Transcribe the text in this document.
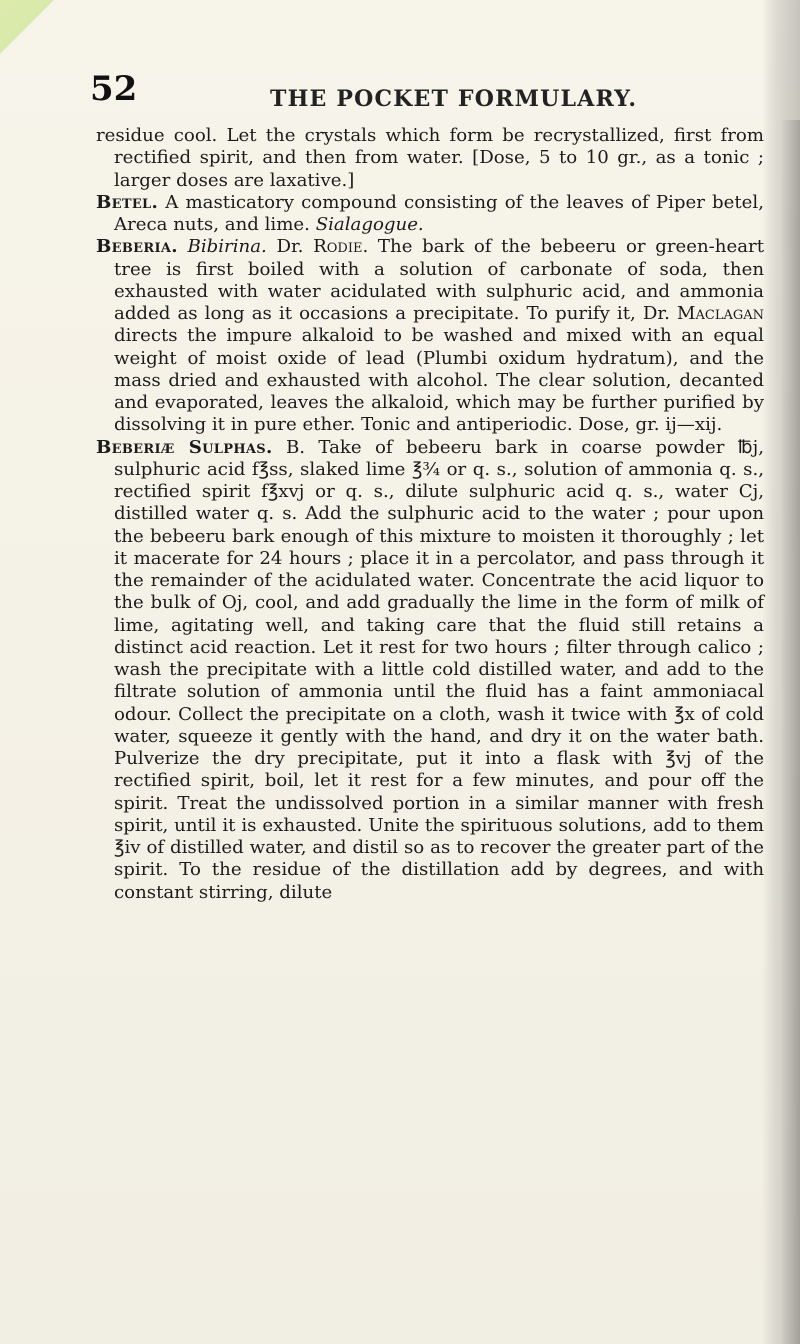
52	THE POCKET FORMULARY.

residue cool. Let the crystals which form be recrystallized, first from rectified spirit, and then from water. [Dose, 5 to 10 gr., as a tonic ; larger doses are laxative.]

Betel. A masticatory compound consisting of the leaves of Piper betel, Areca nuts, and lime. Sialagogue.

Beberia. Bibirina. Dr. Rodie. The bark of the bebeeru or green-heart tree is first boiled with a solution of carbonate of soda, then exhausted with water acidulated with sulphuric acid, and ammonia added as long as it occasions a precipitate. To purify it, Dr. Maclagan directs the impure alkaloid to be washed and mixed with an equal weight of moist oxide of lead (Plumbi oxidum hydratum), and the mass dried and exhausted with alcohol. The clear solution, decanted and evaporated, leaves the alkaloid, which may be further purified by dissolving it in pure ether. Tonic and antiperiodic. Dose, gr. ij—xij.

Beberiæ Sulphas. B. Take of bebeeru bark in coarse powder ℔j, sulphuric acid f℥ss, slaked lime ℥¾ or q. s., solution of ammonia q. s., rectified spirit f℥xvj or q. s., dilute sulphuric acid q. s., water Cj, distilled water q. s. Add the sulphuric acid to the water ; pour upon the bebeeru bark enough of this mixture to moisten it thoroughly ; let it macerate for 24 hours ; place it in a percolator, and pass through it the remainder of the acidulated water. Concentrate the acid liquor to the bulk of Oj, cool, and add gradually the lime in the form of milk of lime, agitating well, and taking care that the fluid still retains a distinct acid reaction. Let it rest for two hours ; filter through calico ; wash the precipitate with a little cold distilled water, and add to the filtrate solution of ammonia until the fluid has a faint ammoniacal odour. Collect the precipitate on a cloth, wash it twice with ℥x of cold water, squeeze it gently with the hand, and dry it on the water bath. Pulverize the dry precipitate, put it into a flask with ℥vj of the rectified spirit, boil, let it rest for a few minutes, and pour off the spirit. Treat the undissolved portion in a similar manner with fresh spirit, until it is exhausted. Unite the spirituous solutions, add to them ℥iv of distilled water, and distil so as to recover the greater part of the spirit. To the residue of the distillation add by degrees, and with constant stirring, dilute
